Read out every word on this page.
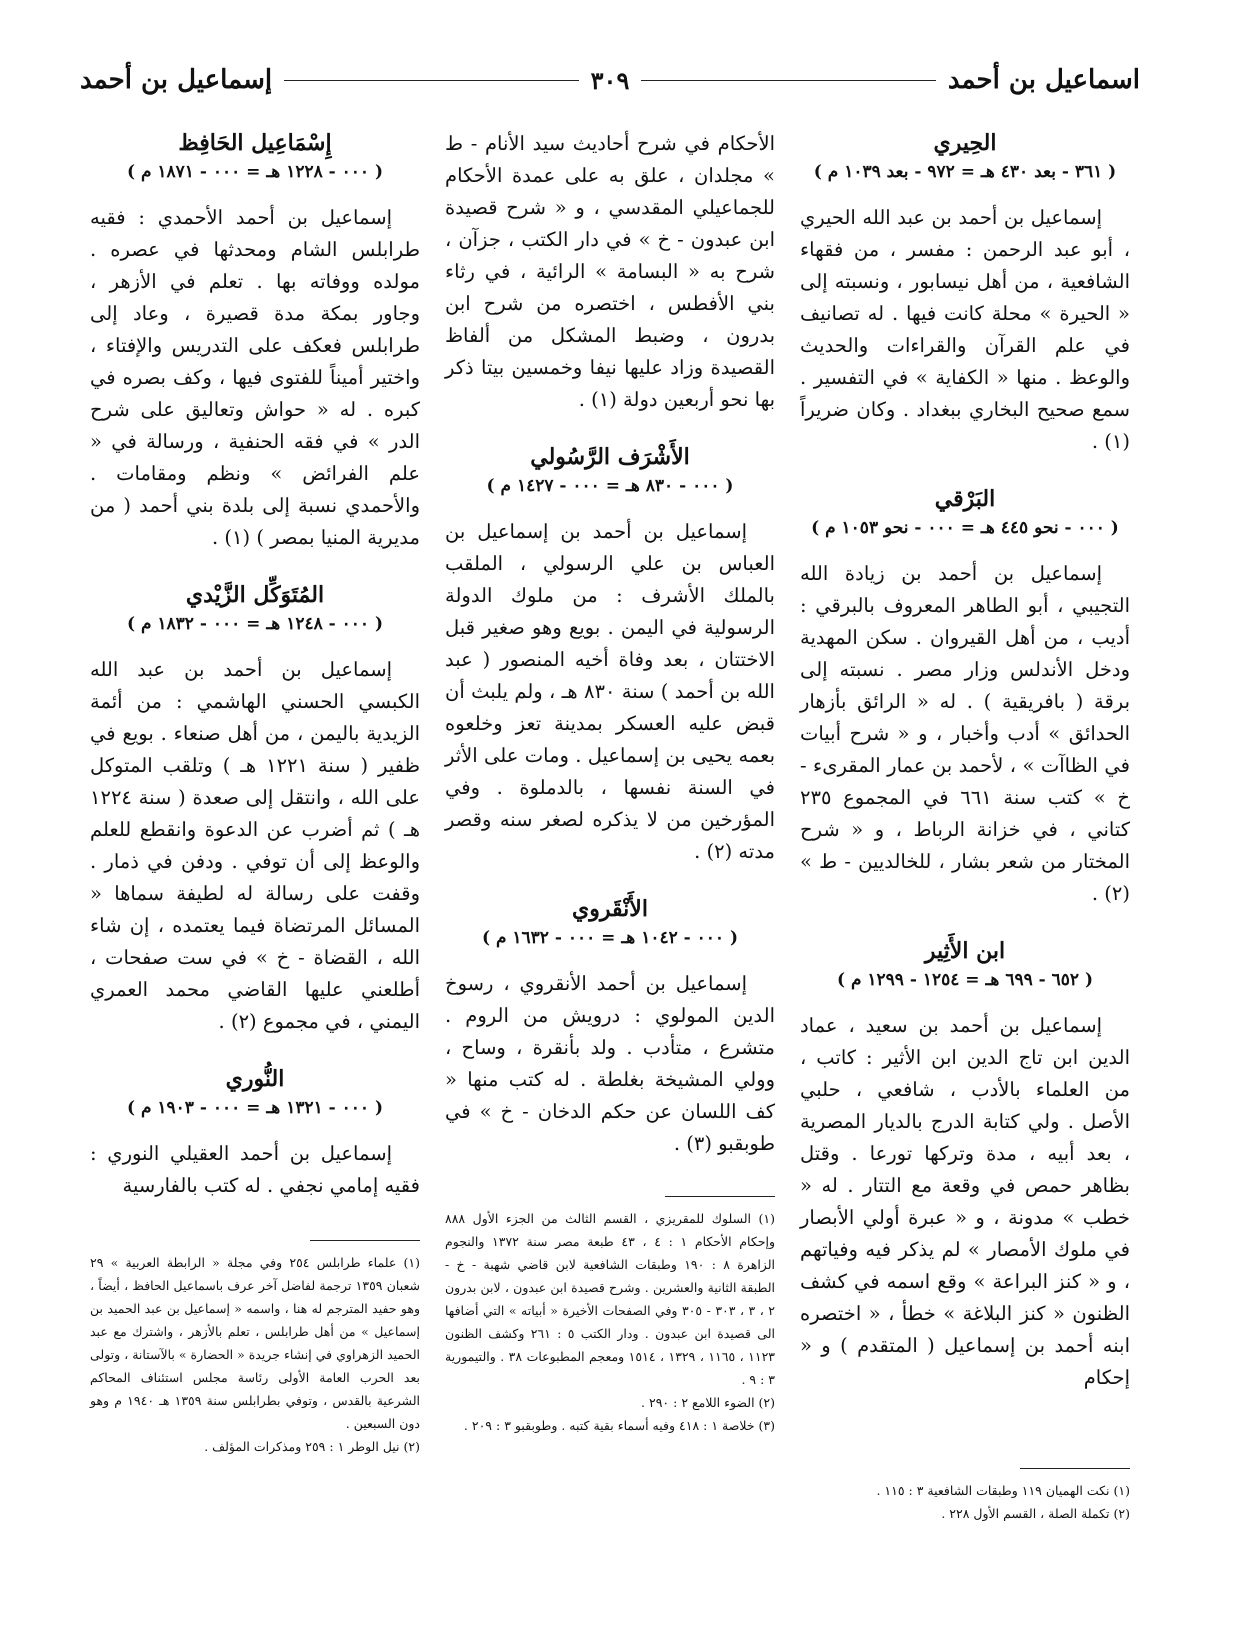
اسماعيل بن أحمد
٣٠٩
إسماعيل بن أحمد
الحِيري
( ٣٦١ - بعد ٤٣٠ هـ = ٩٧٢ - بعد ١٠٣٩ م )

إسماعيل بن أحمد بن عبد الله الحيري ، أبو عبد الرحمن : مفسر ، من فقهاء الشافعية ، من أهل نيسابور ، ونسبته إلى « الحيرة » محلة كانت فيها . له تصانيف في علم القرآن والقراءات والحديث والوعظ . منها « الكفاية » في التفسير . سمع صحيح البخاري ببغداد . وكان ضريراً (١) .

البَرْقي
( ٠٠٠ - نحو ٤٤٥ هـ = ٠٠٠ - نحو ١٠٥٣ م )

إسماعيل بن أحمد بن زيادة الله التجيبي ، أبو الطاهر المعروف بالبرقي : أديب ، من أهل القيروان . سكن المهدية ودخل الأندلس وزار مصر . نسبته إلى برقة ( بافريقية ) . له « الرائق بأزهار الحدائق » أدب وأخبار ، و « شرح أبيات في الظاآت » ، لأحمد بن عمار المقرىء - خ » كتب سنة ٦٦١ في المجموع ٢٣٥ كتاني ، في خزانة الرباط ، و « شرح المختار من شعر بشار ، للخالديين - ط » (٢) .

ابن الأَثِير
( ٦٥٢ - ٦٩٩ هـ = ١٢٥٤ - ١٢٩٩ م )

إسماعيل بن أحمد بن سعيد ، عماد الدين ابن تاج الدين ابن الأثير : كاتب ، من العلماء بالأدب ، شافعي ، حلبي الأصل . ولي كتابة الدرج بالديار المصرية ، بعد أبيه ، مدة وتركها تورعا . وقتل بظاهر حمص في وقعة مع التتار . له « خطب » مدونة ، و « عبرة أولي الأبصار في ملوك الأمصار » لم يذكر فيه وفياتهم ، و « كنز البراعة » وقع اسمه في كشف الظنون « كنز البلاغة » خطأ ، « اختصره ابنه أحمد بن إسماعيل ( المتقدم ) و « إحكام

(١) نكت الهميان ١١٩ وطبقات الشافعية ٣ : ١١٥ .

(٢) تكملة الصلة ، القسم الأول ٢٢٨ .

الأحكام في شرح أحاديث سيد الأنام - ط » مجلدان ، علق به على عمدة الأحكام للجماعيلي المقدسي ، و « شرح قصيدة ابن عبدون - خ » في دار الكتب ، جزآن ، شرح به « البسامة » الرائية ، في رثاء بني الأفطس ، اختصره من شرح ابن بدرون ، وضبط المشكل من ألفاظ القصيدة وزاد عليها نيفا وخمسين بيتا ذكر بها نحو أربعين دولة (١) .

الأَشْرَف الرَّسُولي
( ٠٠٠ - ٨٣٠ هـ = ٠٠٠ - ١٤٢٧ م )

إسماعيل بن أحمد بن إسماعيل بن العباس بن علي الرسولي ، الملقب بالملك الأشرف : من ملوك الدولة الرسولية في اليمن . بويع وهو صغير قبل الاختتان ، بعد وفاة أخيه المنصور ( عبد الله بن أحمد ) سنة ٨٣٠ هـ ، ولم يلبث أن قبض عليه العسكر بمدينة تعز وخلعوه بعمه يحيى بن إسماعيل . ومات على الأثر في السنة نفسها ، بالدملوة . وفي المؤرخين من لا يذكره لصغر سنه وقصر مدته (٢) .

الأَنْقَروي
( ٠٠٠ - ١٠٤٢ هـ = ٠٠٠ - ١٦٣٢ م )

إسماعيل بن أحمد الأنقروي ، رسوخ الدين المولوي : درويش من الروم . متشرع ، متأدب . ولد بأنقرة ، وساح ، وولي المشيخة بغلطة . له كتب منها « كف اللسان عن حكم الدخان - خ » في طوبقبو (٣) .

(١) السلوك للمقريزي ، القسم الثالث من الجزء الأول ٨٨٨ وإحكام الأحكام ١ : ٤ ، ٤٣ طبعة مصر سنة ١٣٧٢ والنجوم الزاهرة ٨ : ١٩٠ وطبقات الشافعية لابن قاضي شهبة - خ - الطبقة الثانية والعشرين . وشرح قصيدة ابن عبدون ، لابن بدرون ٢ ، ٣ ، ٣٠٣ - ٣٠٥ وفي الصفحات الأخيرة « أبياته » التي أضافها الى قصيدة ابن عبدون . ودار الكتب ٥ : ٢٦١ وكشف الظنون ١١٢٣ ، ١١٦٥ ، ١٣٢٩ ، ١٥١٤ ومعجم المطبوعات ٣٨ . والتيمورية ٣ : ٩ .

(٢) الضوء اللامع ٢ : ٢٩٠ .

(٣) خلاصة ١ : ٤١٨ وفيه أسماء بقية كتبه . وطوبقبو ٣ : ٢٠٩ .

إِسْمَاعِيل الحَافِظ
( ٠٠٠ - ١٢٢٨ هـ = ٠٠٠ - ١٨٧١ م )

إسماعيل بن أحمد الأحمدي : فقيه طرابلس الشام ومحدثها في عصره . مولده ووفاته بها . تعلم في الأزهر ، وجاور بمكة مدة قصيرة ، وعاد إلى طرابلس فعكف على التدريس والإفتاء ، واختير أميناً للفتوى فيها ، وكف بصره في كبره . له « حواش وتعاليق على شرح الدر » في فقه الحنفية ، ورسالة في « علم الفرائض » ونظم ومقامات . والأحمدي نسبة إلى بلدة بني أحمد ( من مديرية المنيا بمصر ) (١) .

المُتَوَكِّل الزَّيْدي
( ٠٠٠ - ١٢٤٨ هـ = ٠٠٠ - ١٨٣٢ م )

إسماعيل بن أحمد بن عبد الله الكبسي الحسني الهاشمي : من أئمة الزيدية باليمن ، من أهل صنعاء . بويع في ظفير ( سنة ١٢٢١ هـ ) وتلقب المتوكل على الله ، وانتقل إلى صعدة ( سنة ١٢٢٤ هـ ) ثم أضرب عن الدعوة وانقطع للعلم والوعظ إلى أن توفي . ودفن في ذمار . وقفت على رسالة له لطيفة سماها « المسائل المرتضاة فيما يعتمده ، إن شاء الله ، القضاة - خ » في ست صفحات ، أطلعني عليها القاضي محمد العمري اليمني ، في مجموع (٢) .

النُّوري
( ٠٠٠ - ١٣٢١ هـ = ٠٠٠ - ١٩٠٣ م )

إسماعيل بن أحمد العقيلي النوري : فقيه إمامي نجفي . له كتب بالفارسية

(١) علماء طرابلس ٢٥٤ وفي مجلة « الرابطة العربية » ٢٩ شعبان ١٣٥٩ ترجمة لفاضل آخر عرف باسماعيل الحافظ ، أيضاً ، وهو حفيد المترجم له هنا ، واسمه « إسماعيل بن عبد الحميد بن إسماعيل » من أهل طرابلس ، تعلم بالأزهر ، واشترك مع عبد الحميد الزهراوي في إنشاء جريدة « الحضارة » بالآستانة ، وتولى بعد الحرب العامة الأولى رئاسة مجلس استئناف المحاكم الشرعية بالقدس ، وتوفي بطرابلس سنة ١٣٥٩ هـ ١٩٤٠ م وهو دون السبعين .

(٢) نيل الوطر ١ : ٢٥٩ ومذكرات المؤلف .
